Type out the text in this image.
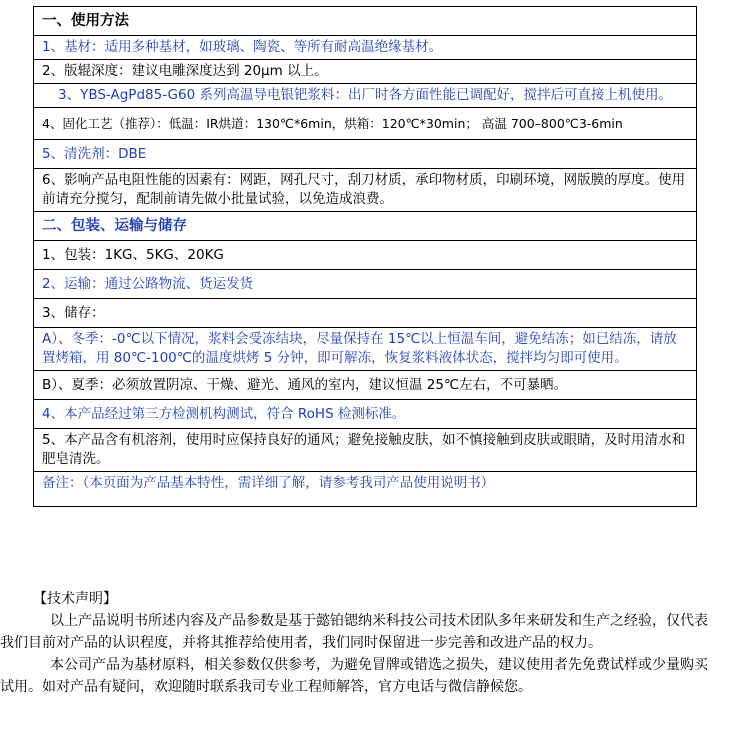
一、使用方法
1、基材：适用多种基材，如玻璃、陶瓷、等所有耐高温绝缘基材。
2、版辊深度：建议电雕深度达到 20μm 以上。
3、YBS-AgPd85-G60 系列高温导电银钯浆料：出厂时各方面性能已调配好，搅拌后可直接上机使用。
4、固化工艺（推荐）：低温：IR烘道：130℃*6min，烘箱：120℃*30min； 高温 700–800℃3-6min
5、清洗剂：DBE
6、影响产品电阻性能的因素有：网距，网孔尺寸，刮刀材质，承印物材质，印刷环境，网版膜的厚度。使用前请充分搅匀，配制前请先做小批量试验，以免造成浪费。
二、包装、运输与储存
1、包装：1KG、5KG、20KG
2、运输：通过公路物流、货运发货
3、储存：
A）、冬季：-0℃以下情况，浆料会受冻结块，尽量保持在 15℃以上恒温车间，避免结冻；如已结冻，请放置烤箱，用 80℃-100℃的温度烘烤 5 分钟，即可解冻，恢复浆料液体状态，搅拌均匀即可使用。
B）、夏季：必须放置阴凉、干燥、避光、通风的室内，建议恒温 25℃左右，不可暴晒。
4、本产品经过第三方检测机构测试，符合 RoHS 检测标准。
5、本产品含有机溶剂，使用时应保持良好的通风；避免接触皮肤，如不慎接触到皮肤或眼睛，及时用清水和肥皂清洗。
备注：（本页面为产品基本特性，需详细了解，请参考我司产品使用说明书）

【技术声明】

以上产品说明书所述内容及产品参数是基于懿铂锶纳米科技公司技术团队多年来研发和生产之经验，仅代表我们目前对产品的认识程度，并将其推荐给使用者，我们同时保留进一步完善和改进产品的权力。

本公司产品为基材原料，相关参数仅供参考，为避免冒牌或错选之损失，建议使用者先免费试样或少量购买试用。如对产品有疑问，欢迎随时联系我司专业工程师解答，官方电话与微信静候您。
